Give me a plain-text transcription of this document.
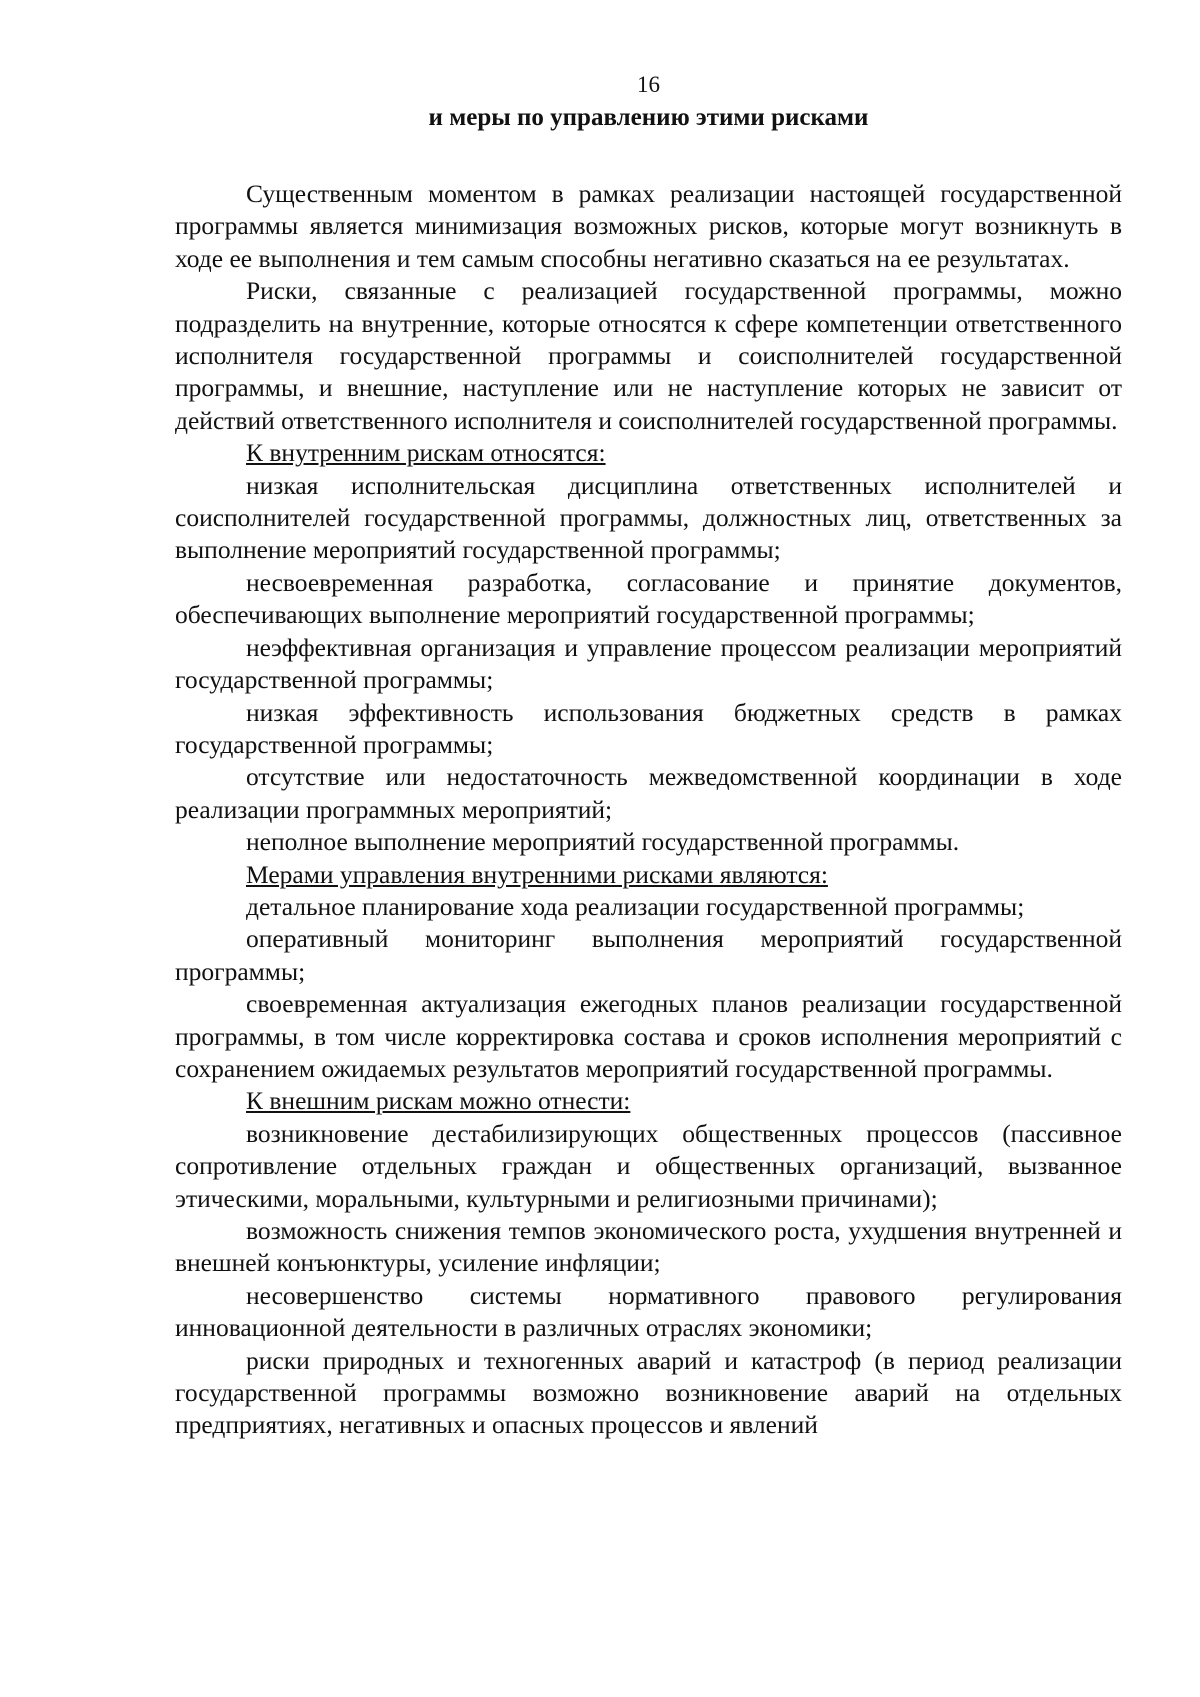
16
и меры по управлению этими рисками

Существенным моментом в рамках реализации настоящей государственной программы является минимизация возможных рисков, которые могут возникнуть в ходе ее выполнения и тем самым способны негативно сказаться на ее результатах.

Риски, связанные с реализацией государственной программы, можно подразделить на внутренние, которые относятся к сфере компетенции ответственного исполнителя государственной программы и соисполнителей государственной программы, и внешние, наступление или не наступление которых не зависит от действий ответственного исполнителя и соисполнителей государственной программы.

К внутренним рискам относятся:

низкая исполнительская дисциплина ответственных исполнителей и соисполнителей государственной программы, должностных лиц, ответственных за выполнение мероприятий государственной программы;

несвоевременная разработка, согласование и принятие документов, обеспечивающих выполнение мероприятий государственной программы;

неэффективная организация и управление процессом реализации мероприятий государственной программы;

низкая эффективность использования бюджетных средств в рамках государственной программы;

отсутствие или недостаточность межведомственной координации в ходе реализации программных мероприятий;

неполное выполнение мероприятий государственной программы.

Мерами управления внутренними рисками являются:

детальное планирование хода реализации государственной программы;

оперативный мониторинг выполнения мероприятий государственной программы;

своевременная актуализация ежегодных планов реализации государственной программы, в том числе корректировка состава и сроков исполнения мероприятий с сохранением ожидаемых результатов мероприятий государственной программы.

К внешним рискам можно отнести:

возникновение дестабилизирующих общественных процессов (пассивное сопротивление отдельных граждан и общественных организаций, вызванное этическими, моральными, культурными и религиозными причинами);

возможность снижения темпов экономического роста, ухудшения внутренней и внешней конъюнктуры, усиление инфляции;

несовершенство системы нормативного правового регулирования инновационной деятельности в различных отраслях экономики;

риски природных и техногенных аварий и катастроф (в период реализации государственной программы возможно возникновение аварий на отдельных предприятиях, негативных и опасных процессов и явлений
